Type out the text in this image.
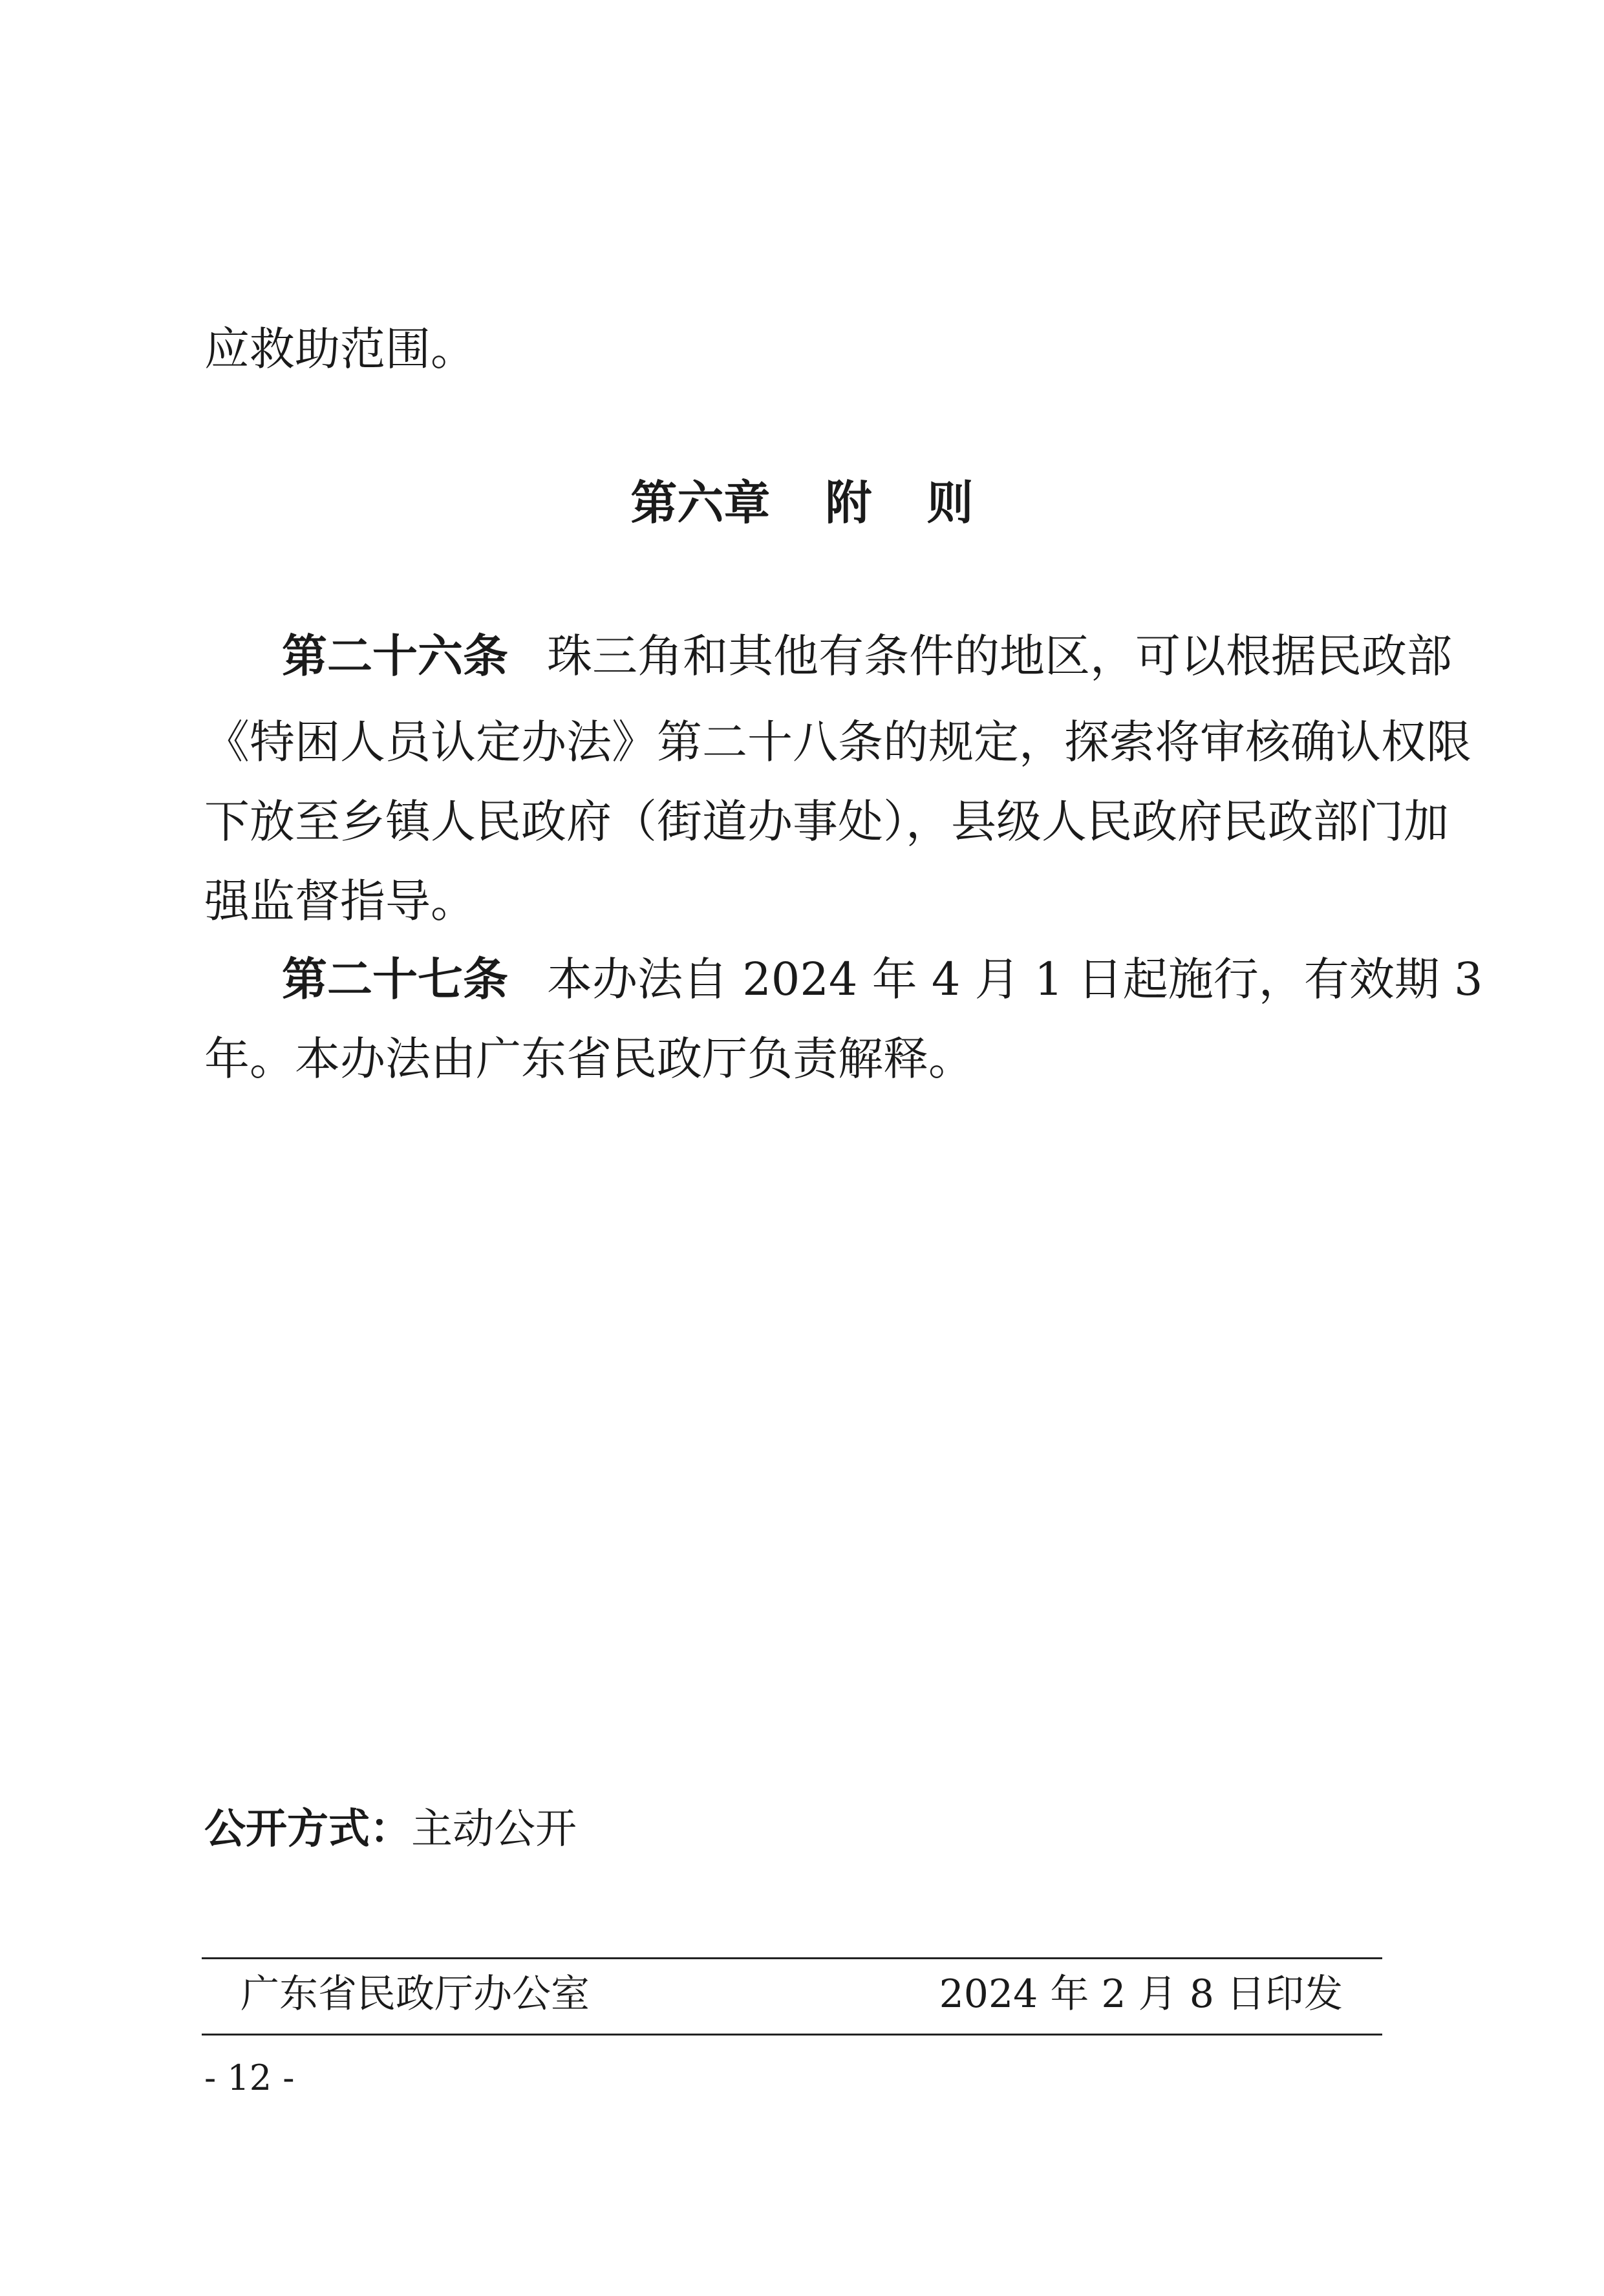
应救助范围。
第六章 附 则
第二十六条 珠三角和其他有条件的地区，可以根据民政部
《特困人员认定办法》第二十八条的规定，探索将审核确认权限
下放至乡镇人民政府（街道办事处），县级人民政府民政部门加
强监督指导。
第二十七条 本办法自 2024 年 4 月 1 日起施行，有效期 3
年。本办法由广东省民政厅负责解释。
公开方式：主动公开
广东省民政厅办公室	2024 年 2 月 8 日印发
- 12 -
